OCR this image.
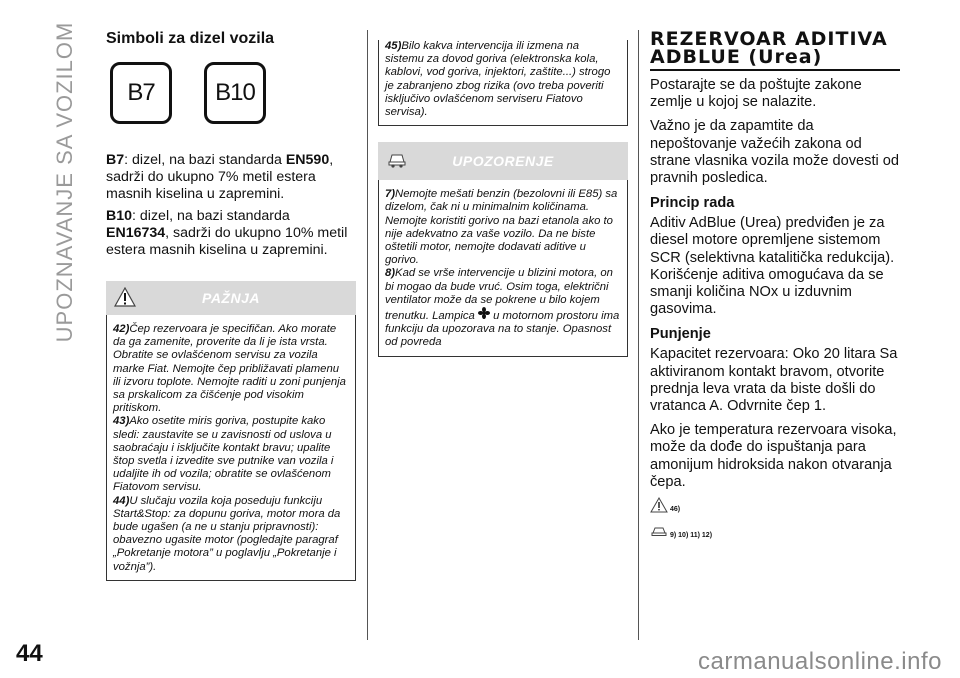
UPOZNAVANJE SA VOZILOM
44
Simboli za dizel vozila
B7	B10

B7: dizel, na bazi standarda EN590, sadrži do ukupno 7% metil estera masnih kiselina u zapremini.

B10: dizel, na bazi standarda EN16734, sadrži do ukupno 10% metil estera masnih kiselina u zapremini.

PAŽNJA

42)Čep rezervoara je specifičan. Ako morate da ga zamenite, proverite da li je ista vrsta. Obratite se ovlašćenom servisu za vozila marke Fiat. Nemojte čep približavati plamenu ili izvoru toplote. Nemojte raditi u zoni punjenja sa prskalicom za čišćenje pod visokim pritiskom.

43)Ako osetite miris goriva, postupite kako sledi: zaustavite se u zavisnosti od uslova u saobraćaju i isključite kontakt bravu; upalite štop svetla i izvedite sve putnike van vozila i udaljite ih od vozila; obratite se ovlašćenom Fiatovom servisu.

44)U slučaju vozila koja poseduju funkciju Start&Stop: za dopunu goriva, motor mora da bude ugašen (a ne u stanju pripravnosti): obavezno ugasite motor (pogledajte paragraf „Pokretanje motora” u poglavlju „Pokretanje i vožnja”).

45)Bilo kakva intervencija ili izmena na sistemu za dovod goriva (elektronska kola, kablovi, vod goriva, injektori, zaštite...) strogo je zabranjeno zbog rizika (ovo treba poveriti isključivo ovlašćenom serviseru Fiatovo servisa).

UPOZORENJE

7)Nemojte mešati benzin (bezolovni ili E85) sa dizelom, čak ni u minimalnim količinama. Nemojte koristiti gorivo na bazi etanola ako to nije adekvatno za vaše vozilo. Da ne biste oštetili motor, nemojte dodavati aditive u gorivo.

8)Kad se vrše intervencije u blizini motora, on bi mogao da bude vruć. Osim toga, električni ventilator može da se pokrene u bilo kojem trenutku. Lampica  u motornom prostoru ima funkciju da upozorava na to stanje. Opasnost od povreda

REZERVOAR ADITIVA
ADBLUE (Urea)

Postarajte se da poštujte zakone zemlje u kojoj se nalazite.

Važno je da zapamtite da nepoštovanje važećih zakona od strane vlasnika vozila može dovesti od pravnih posledica.

Princip rada

Aditiv AdBlue (Urea) predviđen je za diesel motore opremljene sistemom SCR (selektivna katalitička redukcija). Korišćenje aditiva omogućava da se smanji količina NOx u izduvnim gasovima.

Punjenje

Kapacitet rezervoara: Oko 20 litara Sa aktiviranom kontakt bravom, otvorite prednja leva vrata da biste došli do vratanca A. Odvrnite čep 1.

Ako je temperatura rezervoara visoka, može da dođe do ispuštanja para amonijum hidroksida nakon otvaranja čepa.

46)
9) 10) 11) 12)
carmanualsonline.info
